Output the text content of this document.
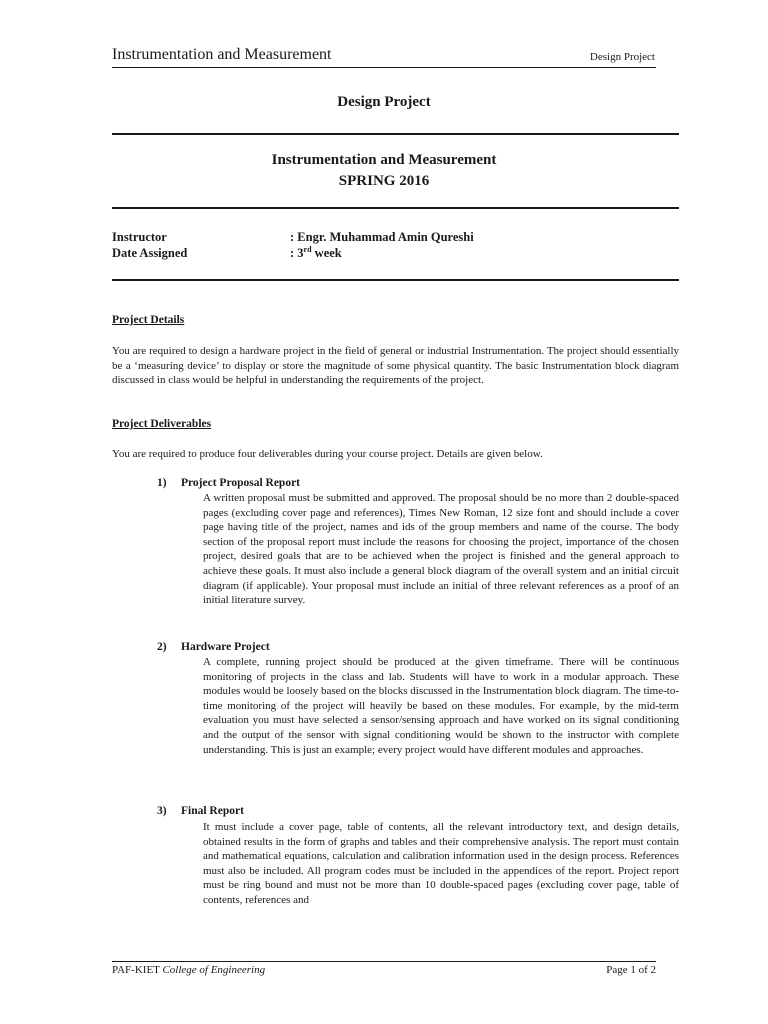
Instrumentation and Measurement	Design Project
Design Project
Instrumentation and Measurement
SPRING 2016
Instructor	: Engr. Muhammad Amin Qureshi
Date Assigned	: 3rd week
Project Details
You are required to design a hardware project in the field of general or industrial Instrumentation. The project should essentially be a ‘measuring device’ to display or store the magnitude of some physical quantity. The basic Instrumentation block diagram discussed in class would be helpful in understanding the requirements of the project.
Project Deliverables
You are required to produce four deliverables during your course project. Details are given below.
1) Project Proposal Report
A written proposal must be submitted and approved. The proposal should be no more than 2 double-spaced pages (excluding cover page and references), Times New Roman, 12 size font and should include a cover page having title of the project, names and ids of the group members and name of the course. The body section of the proposal report must include the reasons for choosing the project, importance of the chosen project, desired goals that are to be achieved when the project is finished and the general approach to achieve these goals. It must also include a general block diagram of the overall system and an initial circuit diagram (if applicable). Your proposal must include an initial of three relevant references as a proof of an initial literature survey.
2) Hardware Project
A complete, running project should be produced at the given timeframe. There will be continuous monitoring of projects in the class and lab. Students will have to work in a modular approach. These modules would be loosely based on the blocks discussed in the Instrumentation block diagram. The time-to-time monitoring of the project will heavily be based on these modules. For example, by the mid-term evaluation you must have selected a sensor/sensing approach and have worked on its signal conditioning and the output of the sensor with signal conditioning would be shown to the instructor with complete understanding. This is just an example; every project would have different modules and approaches.
3) Final Report
It must include a cover page, table of contents, all the relevant introductory text, and design details, obtained results in the form of graphs and tables and their comprehensive analysis. The report must contain and mathematical equations, calculation and calibration information used in the design process. References must also be included. All program codes must be included in the appendices of the report. Project report must be ring bound and must not be more than 10 double-spaced pages (excluding cover page, table of contents, references and
PAF-KIET College of Engineering	Page 1 of 2
